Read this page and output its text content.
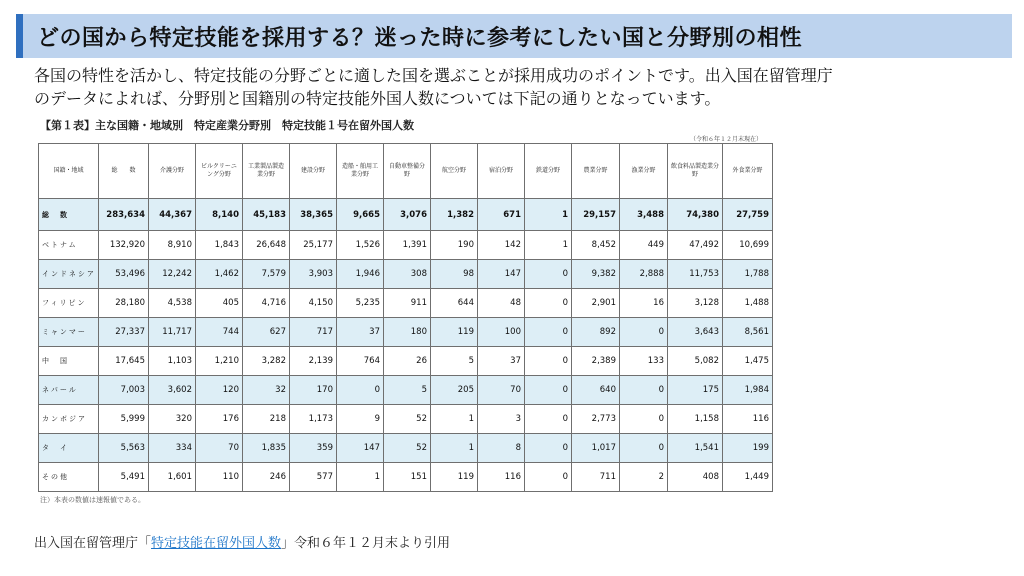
どの国から特定技能を採用する？迷った時に参考にしたい国と分野別の相性
各国の特性を活かし、特定技能の分野ごとに適した国を選ぶことが採用成功のポイントです。出入国在留管理庁
のデータによれば、分野別と国籍別の特定技能外国人数については下記の通りとなっています。
【第１表】主な国籍・地域別　特定産業分野別　特定技能１号在留外国人数
（令和６年１２月末現在）
国籍・地域	総　　数	介護分野	ビルクリーニング分野	工業製品製造業分野	建設分野	造船・舶用工業分野	自動車整備分野	航空分野	宿泊分野	鉄道分野	農業分野	漁業分野	飲食料品製造業分野	外食業分野
総　数	283,634	44,367	8,140	45,183	38,365	9,665	3,076	1,382	671	1	29,157	3,488	74,380	27,759
ベトナム	132,920	8,910	1,843	26,648	25,177	1,526	1,391	190	142	1	8,452	449	47,492	10,699
インドネシア	53,496	12,242	1,462	7,579	3,903	1,946	308	98	147	0	9,382	2,888	11,753	1,788
フィリピン	28,180	4,538	405	4,716	4,150	5,235	911	644	48	0	2,901	16	3,128	1,488
ミャンマー	27,337	11,717	744	627	717	37	180	119	100	0	892	0	3,643	8,561
中　国	17,645	1,103	1,210	3,282	2,139	764	26	5	37	0	2,389	133	5,082	1,475
ネパール	7,003	3,602	120	32	170	0	5	205	70	0	640	0	175	1,984
カンボジア	5,999	320	176	218	1,173	9	52	1	3	0	2,773	0	1,158	116
タ　イ	5,563	334	70	1,835	359	147	52	1	8	0	1,017	0	1,541	199
その他	5,491	1,601	110	246	577	1	151	119	116	0	711	2	408	1,449
注）本表の数値は速報値である。
出入国在留管理庁「特定技能在留外国人数」令和６年１２月末より引用
